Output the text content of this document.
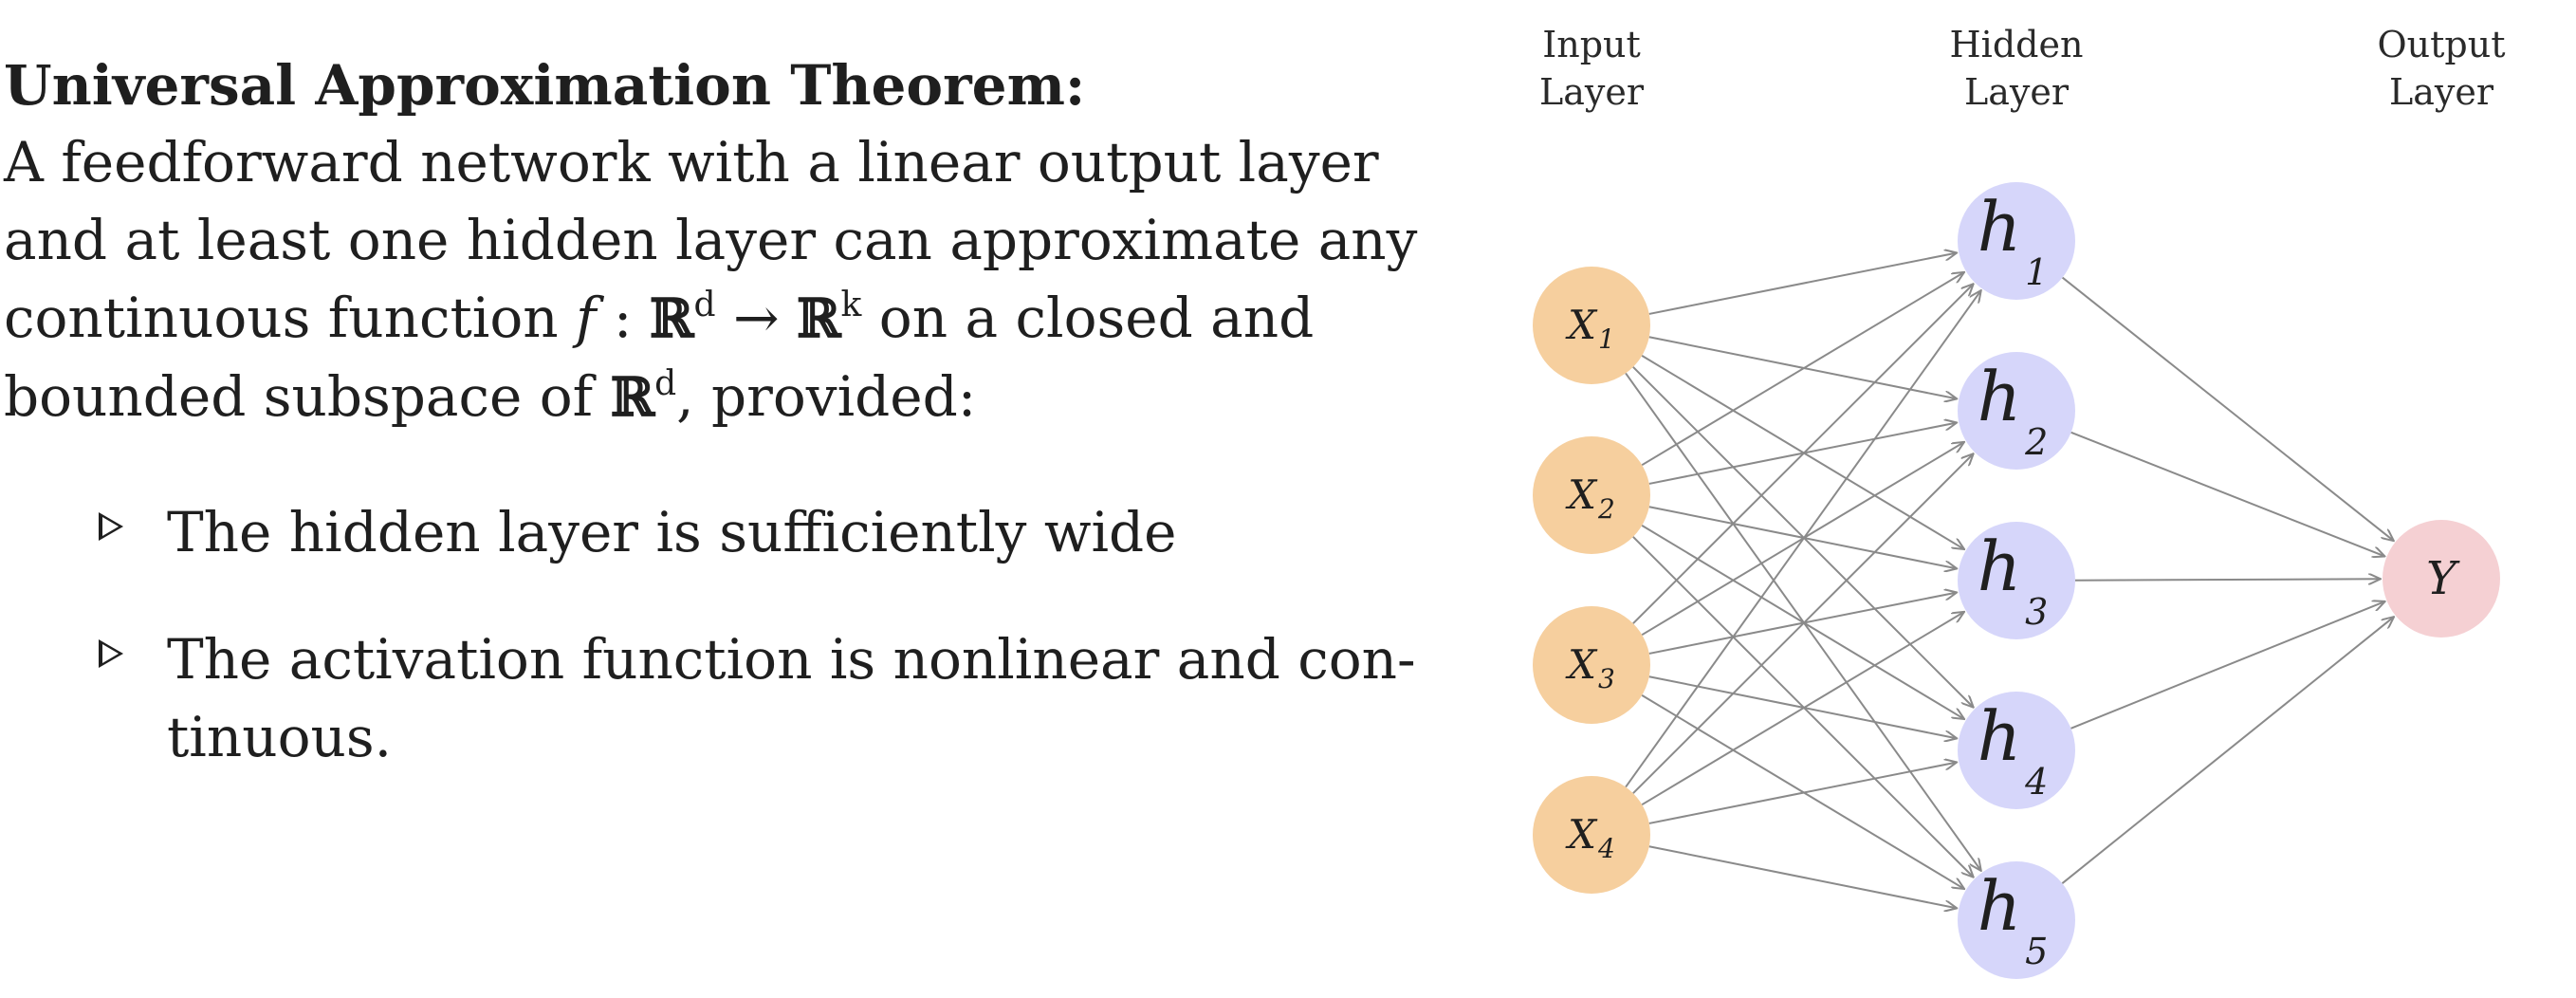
Universal Approximation Theorem:

A feedforward network with a linear output layer

and at least one hidden layer can approximate any

continuous function f : ℝ$^d$ → ℝ$^k$ on a closed and

bounded subspace of ℝ$^d$, provided:

The hidden layer is sufficiently wide

The activation function is nonlinear and con-

tinuous.

$X_1$
$X_2$
$X_3$
$X_4$
$h_1$
$h_2$
$h_3$
$h_4$
$h_5$
Y
Input Layer
Hidden Layer
Output Layer
